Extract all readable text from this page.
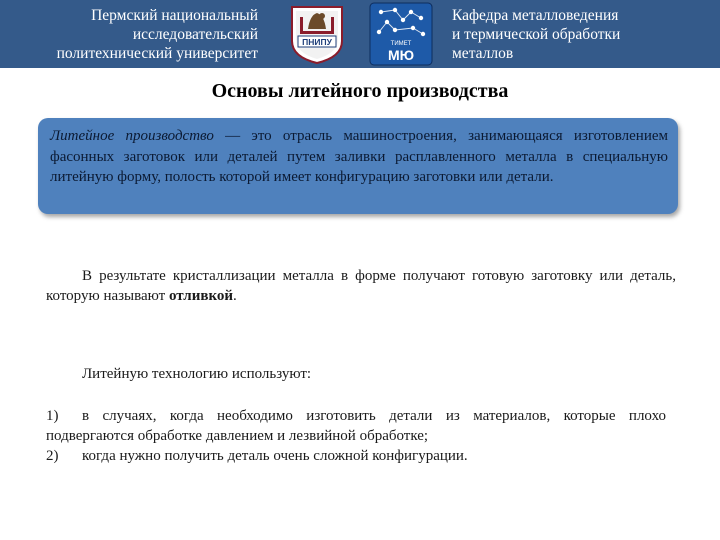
Пермский национальный
исследовательский
политехнический университет
ПНИПУ	ТИМЕТ
МЮ
Кафедра металловедения
и термической обработки
металлов
Основы литейного производства
Литейное производство — это отрасль машиностроения, занимающаяся изготовлением фасонных заготовок или деталей путем заливки расплавленного металла в специальную литейную форму, полость которой имеет конфигурацию заготовки или детали.
В результате кристаллизации металла в форме получают готовую заготовку или деталь, которую называют отливкой.
Литейную технологию используют:
1)	в случаях, когда необходимо изготовить детали из материалов, которые плохо подвергаются обработке давлением и лезвийной обработке;
2)	когда нужно получить деталь очень сложной конфигурации.
